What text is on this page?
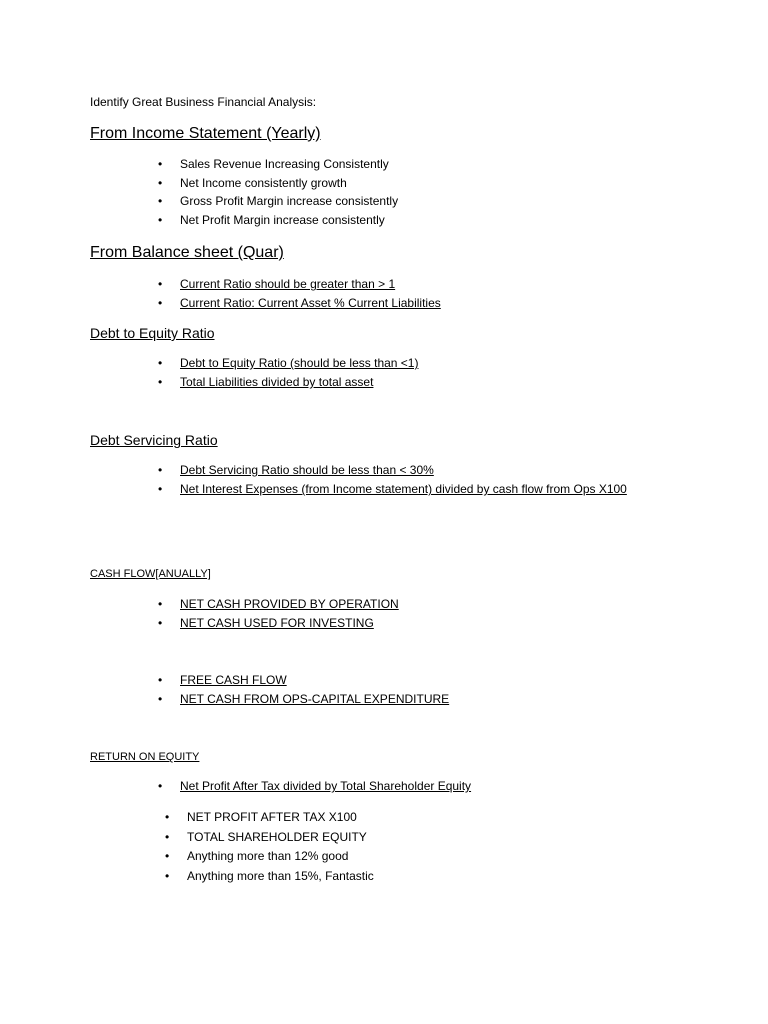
Identify Great Business Financial Analysis:

From Income Statement (Yearly)

• Sales Revenue Increasing Consistently
• Net Income consistently growth
• Gross Profit Margin increase consistently
• Net Profit Margin increase consistently

From Balance sheet (Quar)

• Current Ratio should be greater than > 1
• Current Ratio: Current Asset % Current Liabilities

Debt to Equity Ratio

• Debt to Equity Ratio (should be less than <1)
• Total Liabilities divided by total asset

Debt Servicing Ratio

• Debt Servicing Ratio should be less than < 30%
• Net Interest Expenses (from Income statement) divided by cash flow from Ops X100

CASH FLOW[ANUALLY]

• NET CASH PROVIDED BY OPERATION
• NET CASH USED FOR INVESTING
• FREE CASH FLOW
• NET CASH FROM OPS-CAPITAL EXPENDITURE

RETURN ON EQUITY

• Net Profit After Tax divided by Total Shareholder Equity
• NET PROFIT AFTER TAX X100
• TOTAL SHAREHOLDER EQUITY
• Anything more than 12% good
• Anything more than 15%, Fantastic
